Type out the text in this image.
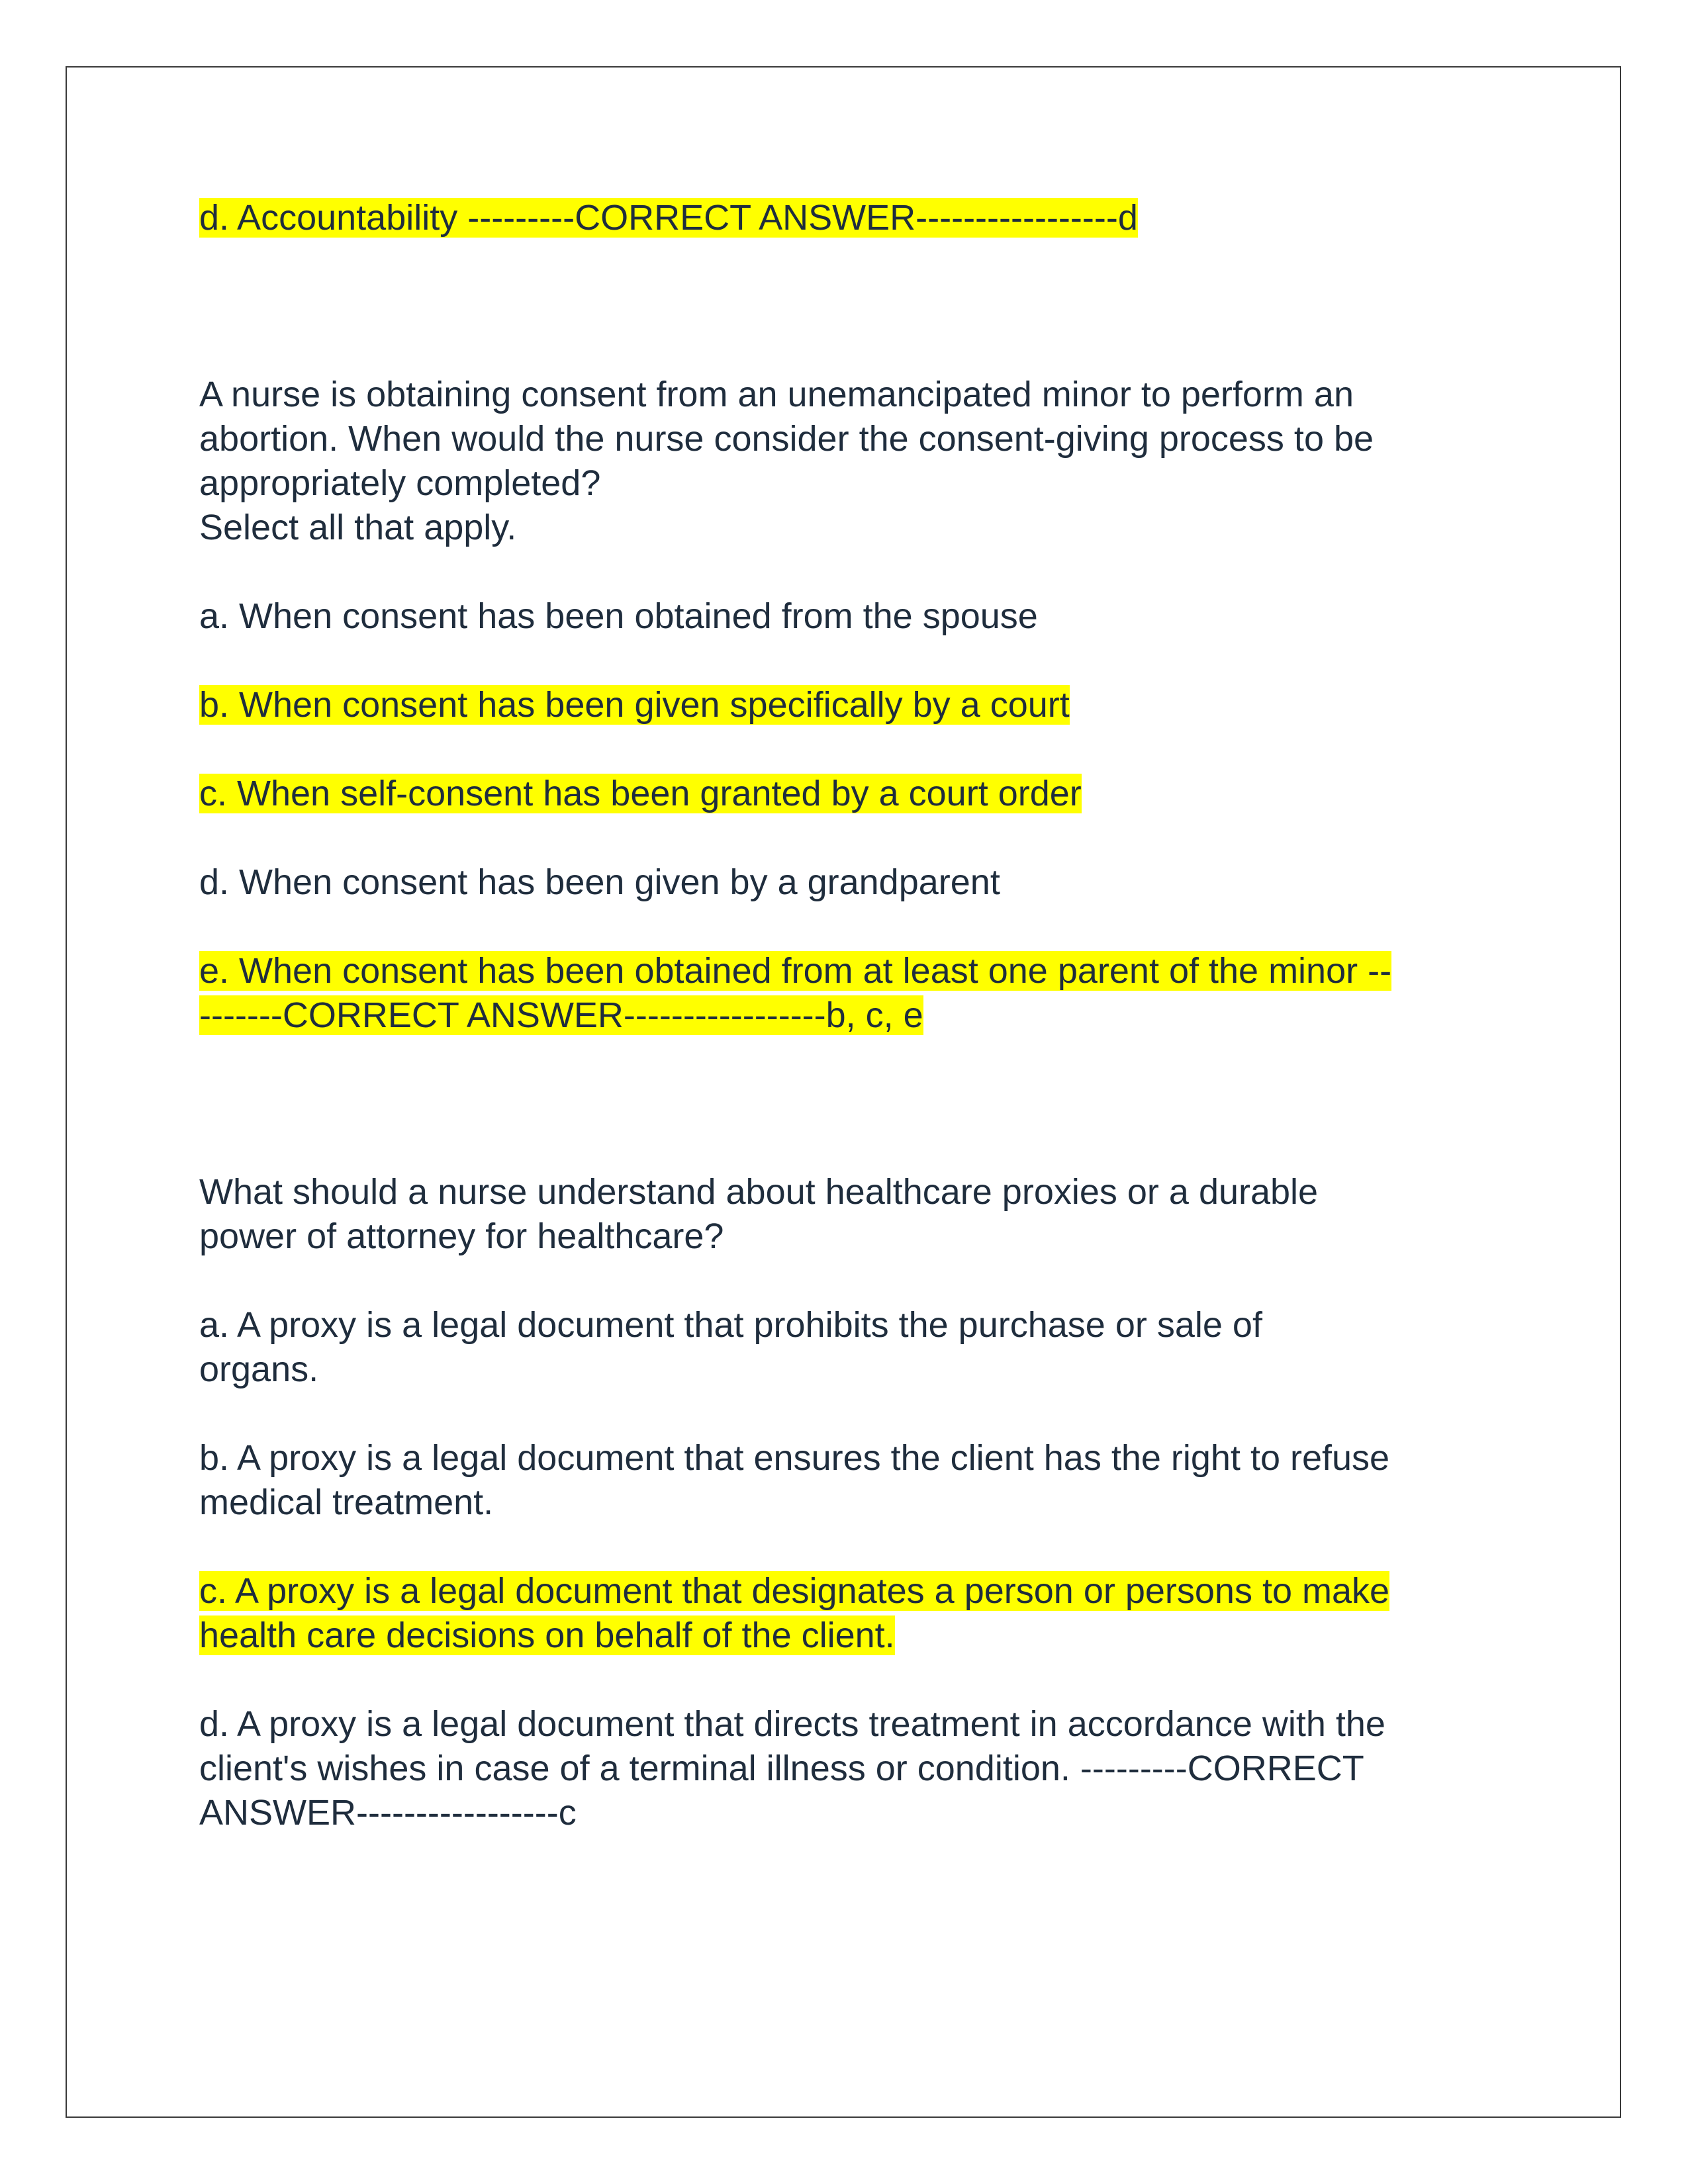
d. Accountability ---------CORRECT ANSWER-----------------d

A nurse is obtaining consent from an unemancipated minor to perform an

abortion. When would the nurse consider the consent-giving process to be

appropriately completed?

Select all that apply.

a. When consent has been obtained from the spouse

b. When consent has been given specifically by a court

c. When self-consent has been granted by a court order

d. When consent has been given by a grandparent

e. When consent has been obtained from at least one parent of the minor --

-------CORRECT ANSWER-----------------b, c, e

What should a nurse understand about healthcare proxies or a durable

power of attorney for healthcare?

a. A proxy is a legal document that prohibits the purchase or sale of

organs.

b. A proxy is a legal document that ensures the client has the right to refuse

medical treatment.

c. A proxy is a legal document that designates a person or persons to make

health care decisions on behalf of the client.

d. A proxy is a legal document that directs treatment in accordance with the

client's wishes in case of a terminal illness or condition. ---------CORRECT

ANSWER-----------------c
